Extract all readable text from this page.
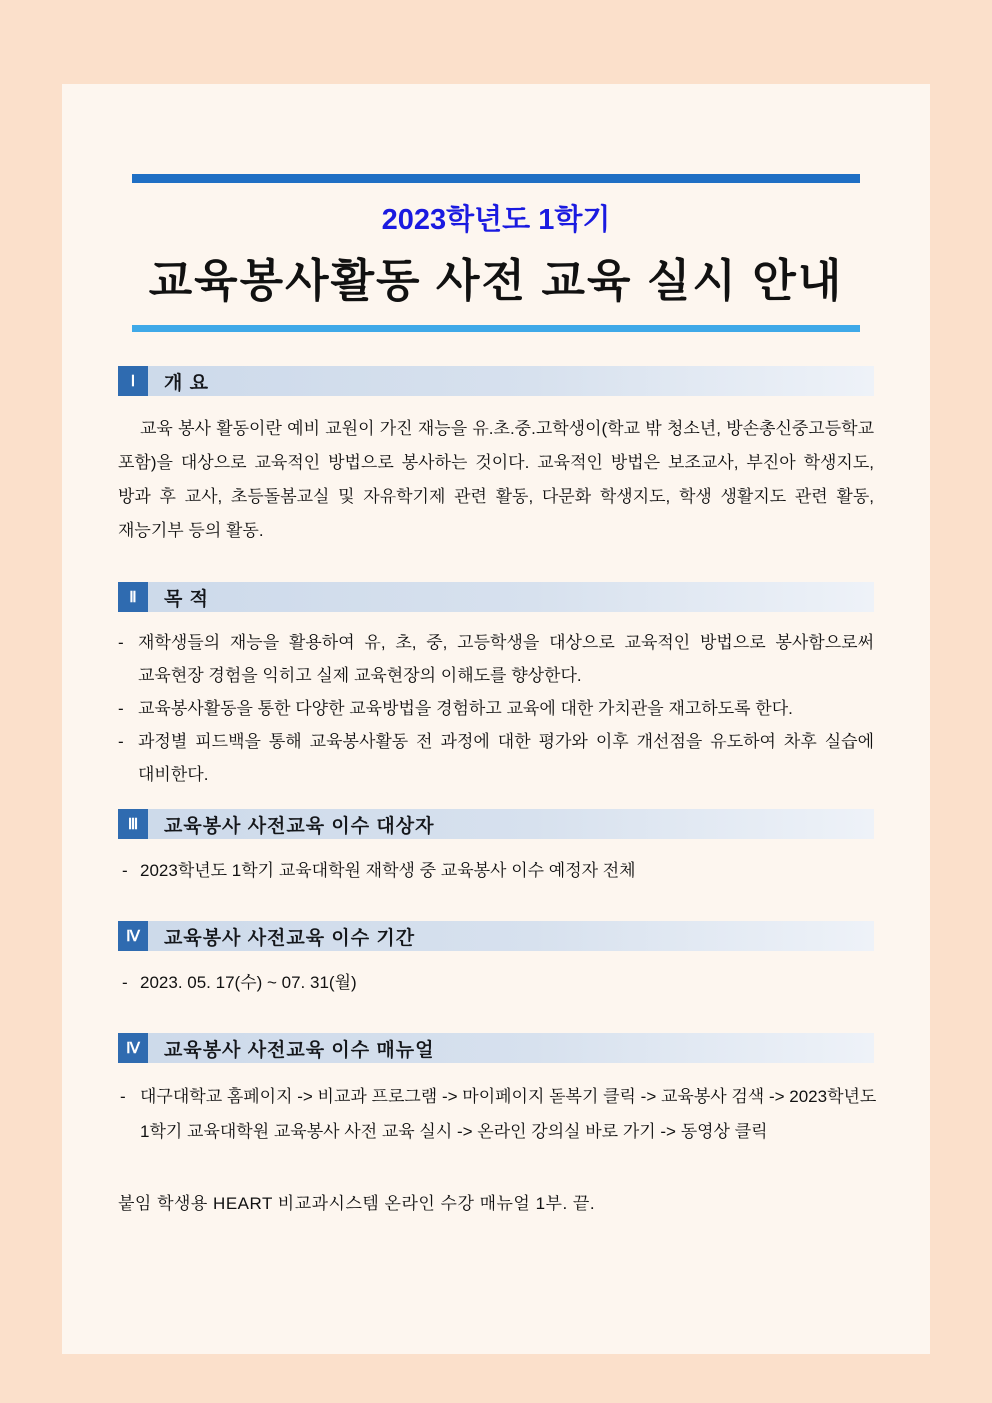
2023학년도 1학기
교육봉사활동 사전 교육 실시 안내
Ⅰ	개 요
교육 봉사 활동이란 예비 교원이 가진 재능을 유.초.중.고학생이(학교 밖 청소년, 방손총신중고등학교 포함)을 대상으로 교육적인 방법으로 봉사하는 것이다. 교육적인 방법은 보조교사, 부진아 학생지도, 방과 후 교사, 초등돌봄교실 및 자유학기제 관련 활동, 다문화 학생지도, 학생 생활지도 관련 활동, 재능기부 등의 활동.
Ⅱ	목 적
- 재학생들의 재능을 활용하여 유, 초, 중, 고등학생을 대상으로 교육적인 방법으로 봉사함으로써 교육현장 경험을 익히고 실제 교육현장의 이해도를 향상한다.
- 교육봉사활동을 통한 다양한 교육방법을 경험하고 교육에 대한 가치관을 재고하도록 한다.
- 과정별 피드백을 통해 교육봉사활동 전 과정에 대한 평가와 이후 개선점을 유도하여 차후 실습에 대비한다.
Ⅲ	교육봉사 사전교육 이수 대상자
- 2023학년도 1학기 교육대학원 재학생 중 교육봉사 이수 예정자 전체
Ⅳ	교육봉사 사전교육 이수 기간
- 2023. 05. 17(수) ~ 07. 31(월)
Ⅳ	교육봉사 사전교육 이수 매뉴얼
- 대구대학교 홈페이지 -> 비교과 프로그램 -> 마이페이지 돋복기 클릭 -> 교육봉사 검색 -> 2023학년도 1학기 교육대학원 교육봉사 사전 교육 실시 -> 온라인 강의실 바로 가기 -> 동영상 클릭
붙임 학생용 HEART 비교과시스템 온라인 수강 매뉴얼 1부. 끝.
